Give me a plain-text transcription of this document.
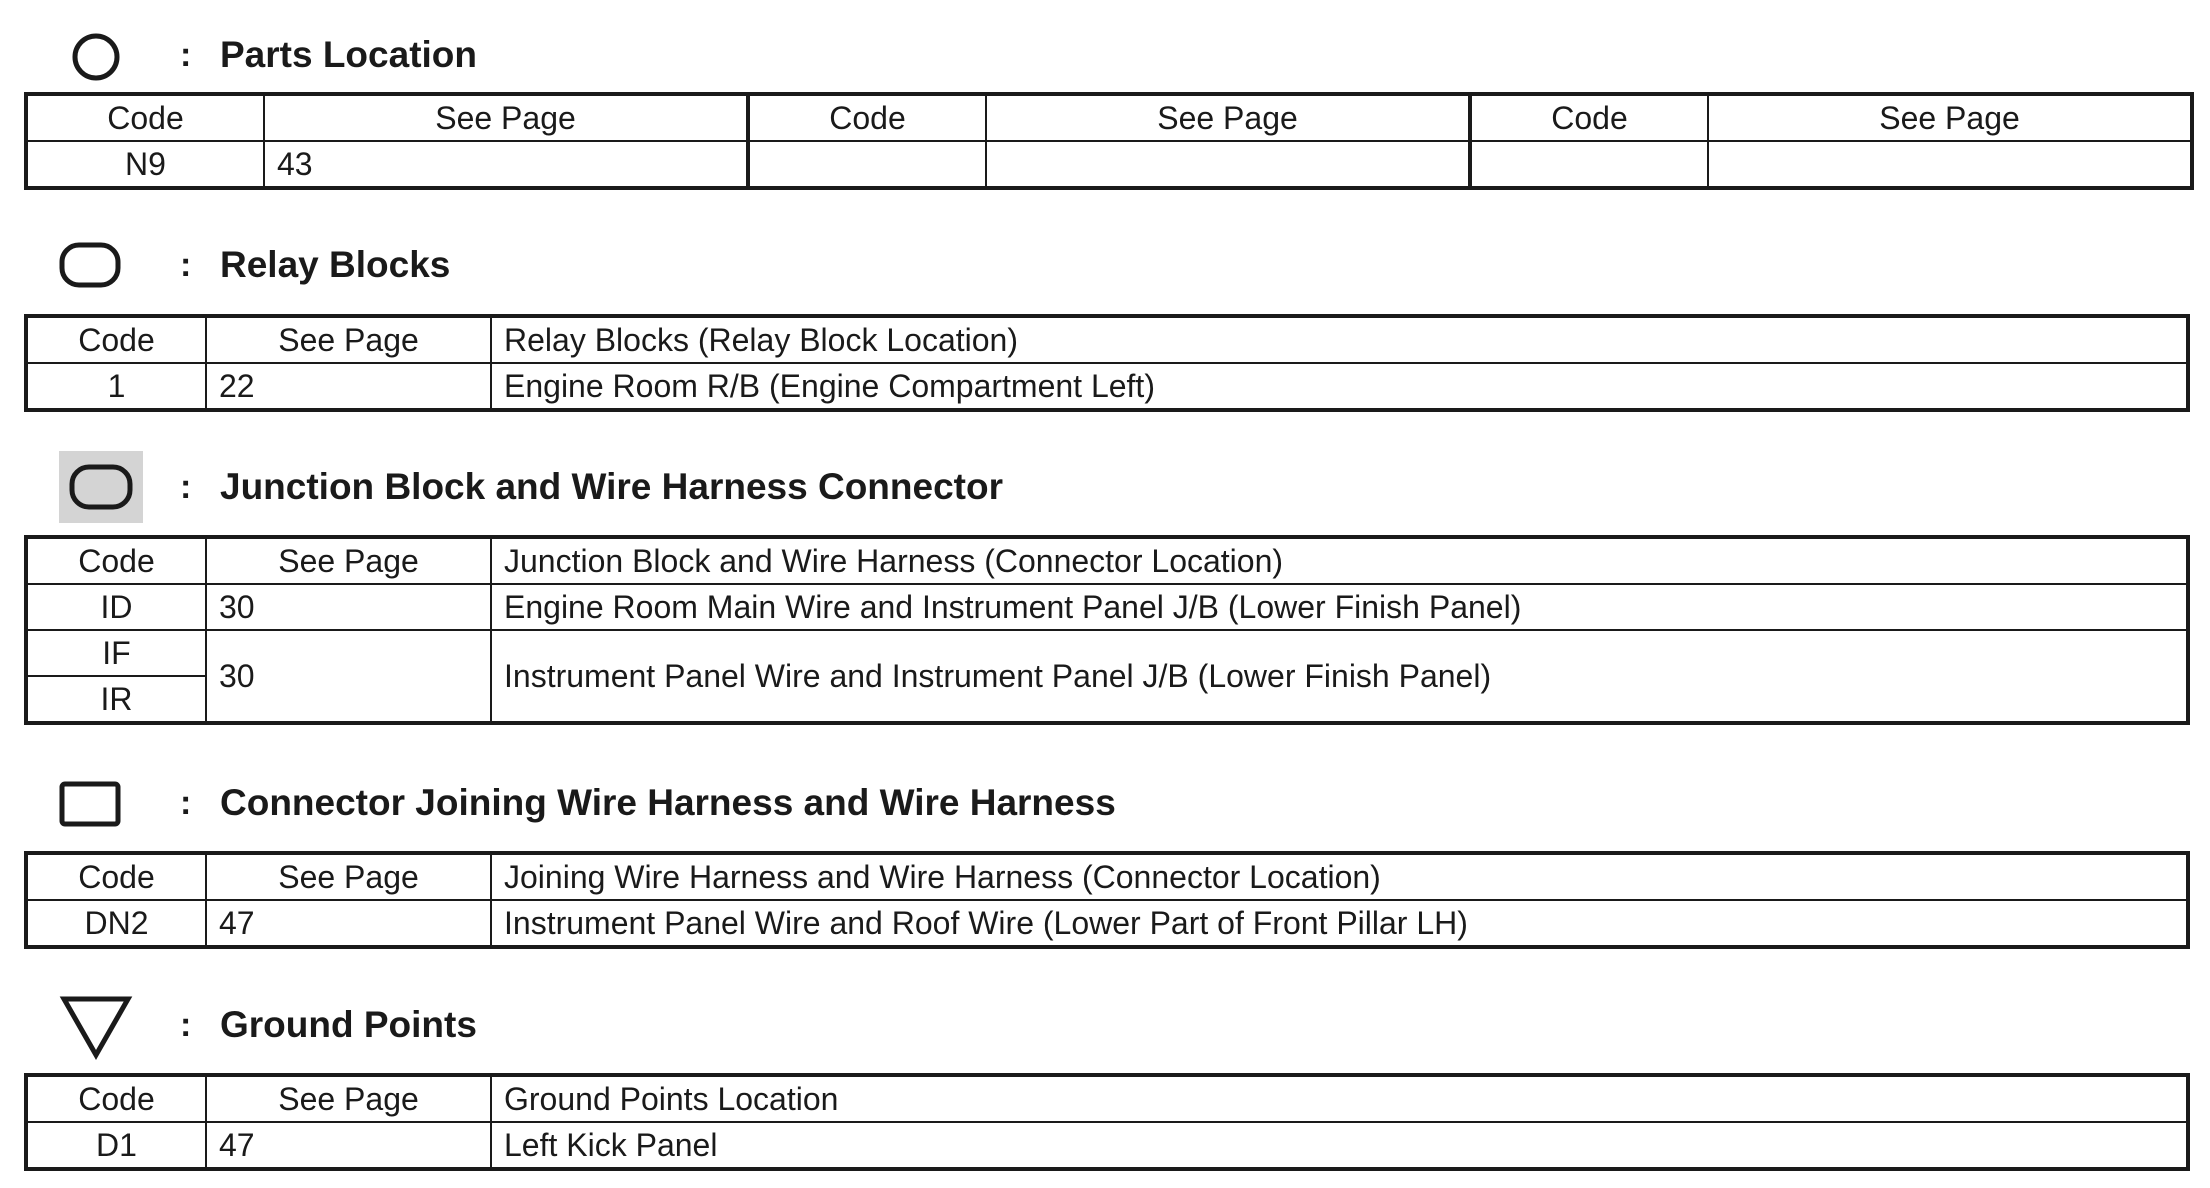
: Parts Location
Code	See Page	Code	See Page	Code	See Page
N9	43				
: Relay Blocks
Code	See Page	Relay Blocks (Relay Block Location)
1	22	Engine Room R/B (Engine Compartment Left)
: Junction Block and Wire Harness Connector
Code	See Page	Junction Block and Wire Harness (Connector Location)
ID	30	Engine Room Main Wire and Instrument Panel J/B (Lower Finish Panel)
IF	30	Instrument Panel Wire and Instrument Panel J/B (Lower Finish Panel)
IR		
: Connector Joining Wire Harness and Wire Harness
Code	See Page	Joining Wire Harness and Wire Harness (Connector Location)
DN2	47	Instrument Panel Wire and Roof Wire (Lower Part of Front Pillar LH)
: Ground Points
Code	See Page	Ground Points Location
D1	47	Left Kick Panel
